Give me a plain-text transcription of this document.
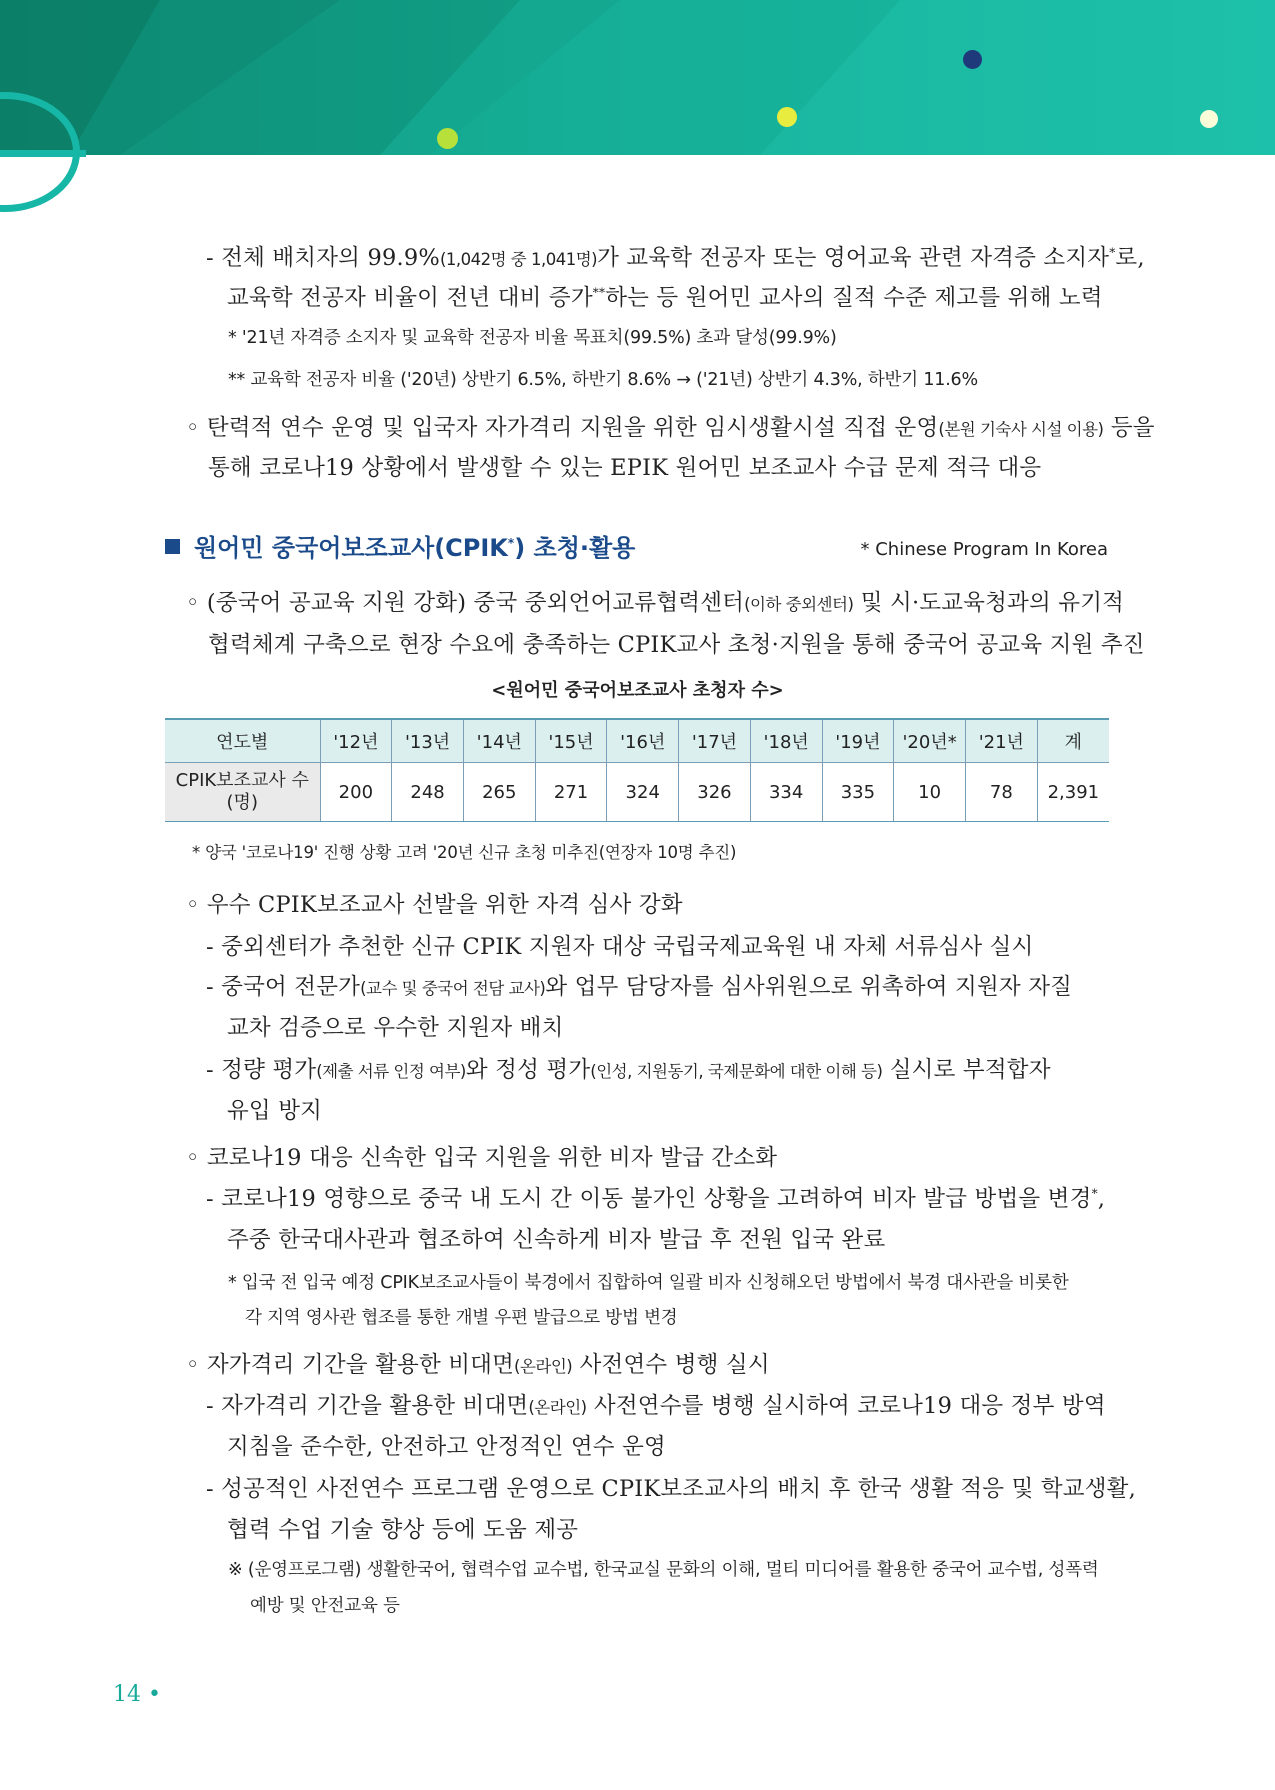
- 전체 배치자의 99.9%(1,042명 중 1,041명)가 교육학 전공자 또는 영어교육 관련 자격증 소지자*로,
교육학 전공자 비율이 전년 대비 증가**하는 등 원어민 교사의 질적 수준 제고를 위해 노력
* '21년 자격증 소지자 및 교육학 전공자 비율 목표치(99.5%) 초과 달성(99.9%)
** 교육학 전공자 비율 ('20년) 상반기 6.5%, 하반기 8.6% → ('21년) 상반기 4.3%, 하반기 11.6%
◦ 탄력적 연수 운영 및 입국자 자가격리 지원을 위한 임시생활시설 직접 운영(본원 기숙사 시설 이용) 등을
통해 코로나19 상황에서 발생할 수 있는 EPIK 원어민 보조교사 수급 문제 적극 대응
원어민 중국어보조교사(CPIK*) 초청·활용	* Chinese Program In Korea
◦ (중국어 공교육 지원 강화) 중국 중외언어교류협력센터(이하 중외센터) 및 시·도교육청과의 유기적
협력체계 구축으로 현장 수요에 충족하는 CPIK교사 초청·지원을 통해 중국어 공교육 지원 추진
<원어민 중국어보조교사 초청자 수>
연도별	'12년	'13년	'14년	'15년	'16년	'17년	'18년	'19년	'20년*	'21년	계
CPIK보조교사 수 (명)	200	248	265	271	324	326	334	335	10	78	2,391
* 양국 '코로나19' 진행 상황 고려 '20년 신규 초청 미추진(연장자 10명 추진)
◦ 우수 CPIK보조교사 선발을 위한 자격 심사 강화
- 중외센터가 추천한 신규 CPIK 지원자 대상 국립국제교육원 내 자체 서류심사 실시
- 중국어 전문가(교수 및 중국어 전담 교사)와 업무 담당자를 심사위원으로 위촉하여 지원자 자질
교차 검증으로 우수한 지원자 배치
- 정량 평가(제출 서류 인정 여부)와 정성 평가(인성, 지원동기, 국제문화에 대한 이해 등) 실시로 부적합자
유입 방지
◦ 코로나19 대응 신속한 입국 지원을 위한 비자 발급 간소화
- 코로나19 영향으로 중국 내 도시 간 이동 불가인 상황을 고려하여 비자 발급 방법을 변경*,
주중 한국대사관과 협조하여 신속하게 비자 발급 후 전원 입국 완료
* 입국 전 입국 예정 CPIK보조교사들이 북경에서 집합하여 일괄 비자 신청해오던 방법에서 북경 대사관을 비롯한
각 지역 영사관 협조를 통한 개별 우편 발급으로 방법 변경
◦ 자가격리 기간을 활용한 비대면(온라인) 사전연수 병행 실시
- 자가격리 기간을 활용한 비대면(온라인) 사전연수를 병행 실시하여 코로나19 대응 정부 방역
지침을 준수한, 안전하고 안정적인 연수 운영
- 성공적인 사전연수 프로그램 운영으로 CPIK보조교사의 배치 후 한국 생활 적응 및 학교생활,
협력 수업 기술 향상 등에 도움 제공
※ (운영프로그램) 생활한국어, 협력수업 교수법, 한국교실 문화의 이해, 멀티 미디어를 활용한 중국어 교수법, 성폭력
예방 및 안전교육 등
14 •
